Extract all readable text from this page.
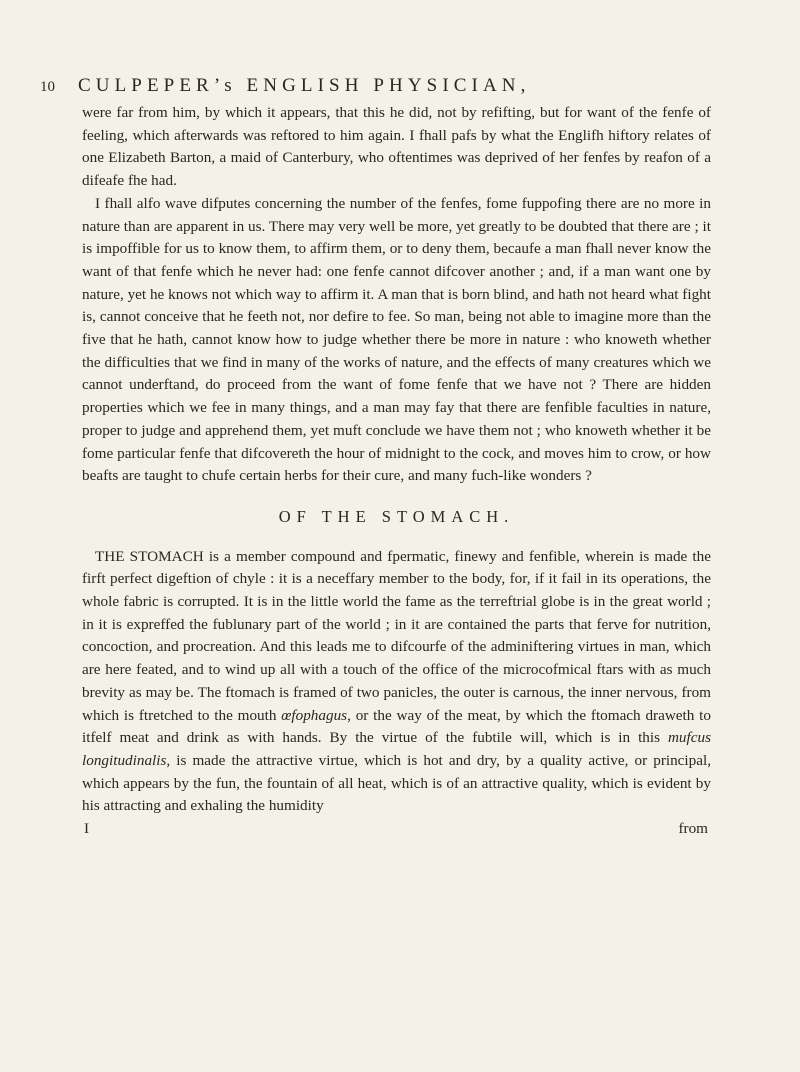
10 CULPEPER’s ENGLISH PHYSICIAN,

were far from him, by which it appears, that this he did, not by refifting, but for want of the fenfe of feeling, which afterwards was reftored to him again. I fhall pafs by what the Englifh hiftory relates of one Elizabeth Barton, a maid of Canterbury, who oftentimes was deprived of her fenfes by reafon of a difeafe fhe had.

I fhall alfo wave difputes concerning the number of the fenfes, fome fuppofing there are no more in nature than are apparent in us. There may very well be more, yet greatly to be doubted that there are ; it is impoffible for us to know them, to affirm them, or to deny them, becaufe a man fhall never know the want of that fenfe which he never had: one fenfe cannot difcover another ; and, if a man want one by nature, yet he knows not which way to affirm it. A man that is born blind, and hath not heard what fight is, cannot conceive that he feeth not, nor defire to fee. So man, being not able to imagine more than the five that he hath, cannot know how to judge whether there be more in nature : who knoweth whether the difficulties that we find in many of the works of nature, and the effects of many creatures which we cannot underftand, do proceed from the want of fome fenfe that we have not ? There are hidden properties which we fee in many things, and a man may fay that there are fenfible faculties in nature, proper to judge and apprehend them, yet muft conclude we have them not ; who knoweth whether it be fome particular fenfe that difcovereth the hour of midnight to the cock, and moves him to crow, or how beafts are taught to chufe certain herbs for their cure, and many fuch-like wonders ?

OF THE STOMACH.

THE STOMACH is a member compound and fpermatic, finewy and fenfible, wherein is made the firft perfect digeftion of chyle : it is a neceffary member to the body, for, if it fail in its operations, the whole fabric is corrupted. It is in the little world the fame as the terreftrial globe is in the great world ; in it is expreffed the fublunary part of the world ; in it are contained the parts that ferve for nutrition, concoction, and procreation. And this leads me to difcourfe of the adminiftering virtues in man, which are here feated, and to wind up all with a touch of the office of the microcofmical ftars with as much brevity as may be. The ftomach is framed of two panicles, the outer is carnous, the inner nervous, from which is ftretched to the mouth œfophagus, or the way of the meat, by which the ftomach draweth to itfelf meat and drink as with hands. By the virtue of the fubtile will, which is in this mufcus longitudinalis, is made the attractive virtue, which is hot and dry, by a quality active, or principal, which appears by the fun, the fountain of all heat, which is of an attractive quality, which is evident by his attracting and exhaling the humidity

I	from
